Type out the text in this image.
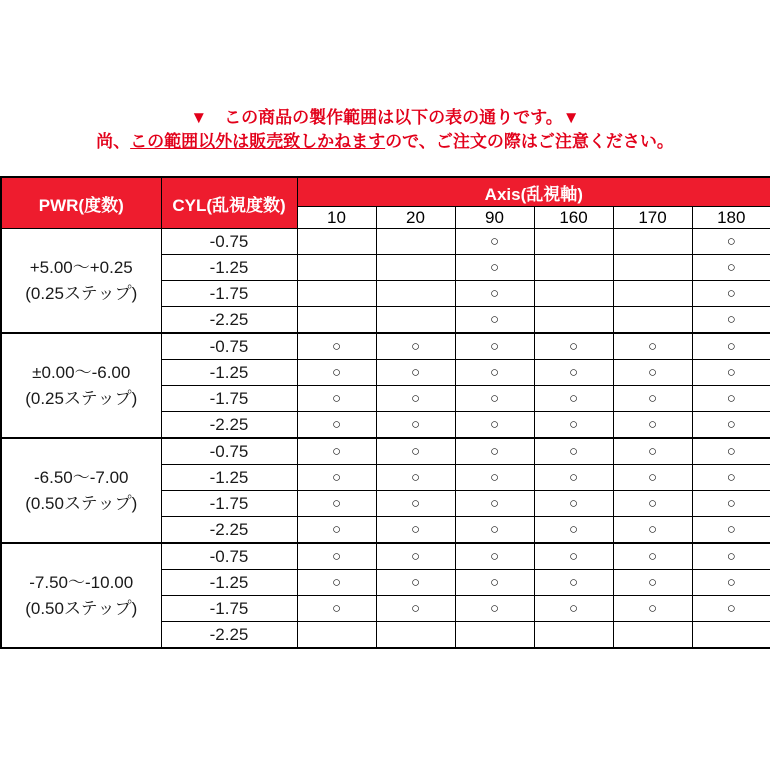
▼　この商品の製作範囲は以下の表の通りです。▼
尚、この範囲以外は販売致しかねますので、ご注文の際はご注意ください。
PWR(度数)	CYL(乱視度数)	Axis(乱視軸)					
		10	20	90	160	170	180

+5.00〜+0.25
(0.25ステップ)	-0.75			○			○
	-1.25			○			○
	-1.75			○			○
	-2.25			○			○

±0.00〜-6.00
(0.25ステップ)	-0.75	○	○	○	○	○	○
	-1.25	○	○	○	○	○	○
	-1.75	○	○	○	○	○	○
	-2.25	○	○	○	○	○	○

-6.50〜-7.00
(0.50ステップ)	-0.75	○	○	○	○	○	○
	-1.25	○	○	○	○	○	○
	-1.75	○	○	○	○	○	○
	-2.25	○	○	○	○	○	○

-7.50〜-10.00
(0.50ステップ)	-0.75	○	○	○	○	○	○
	-1.25	○	○	○	○	○	○
	-1.75	○	○	○	○	○	○
	-2.25						
